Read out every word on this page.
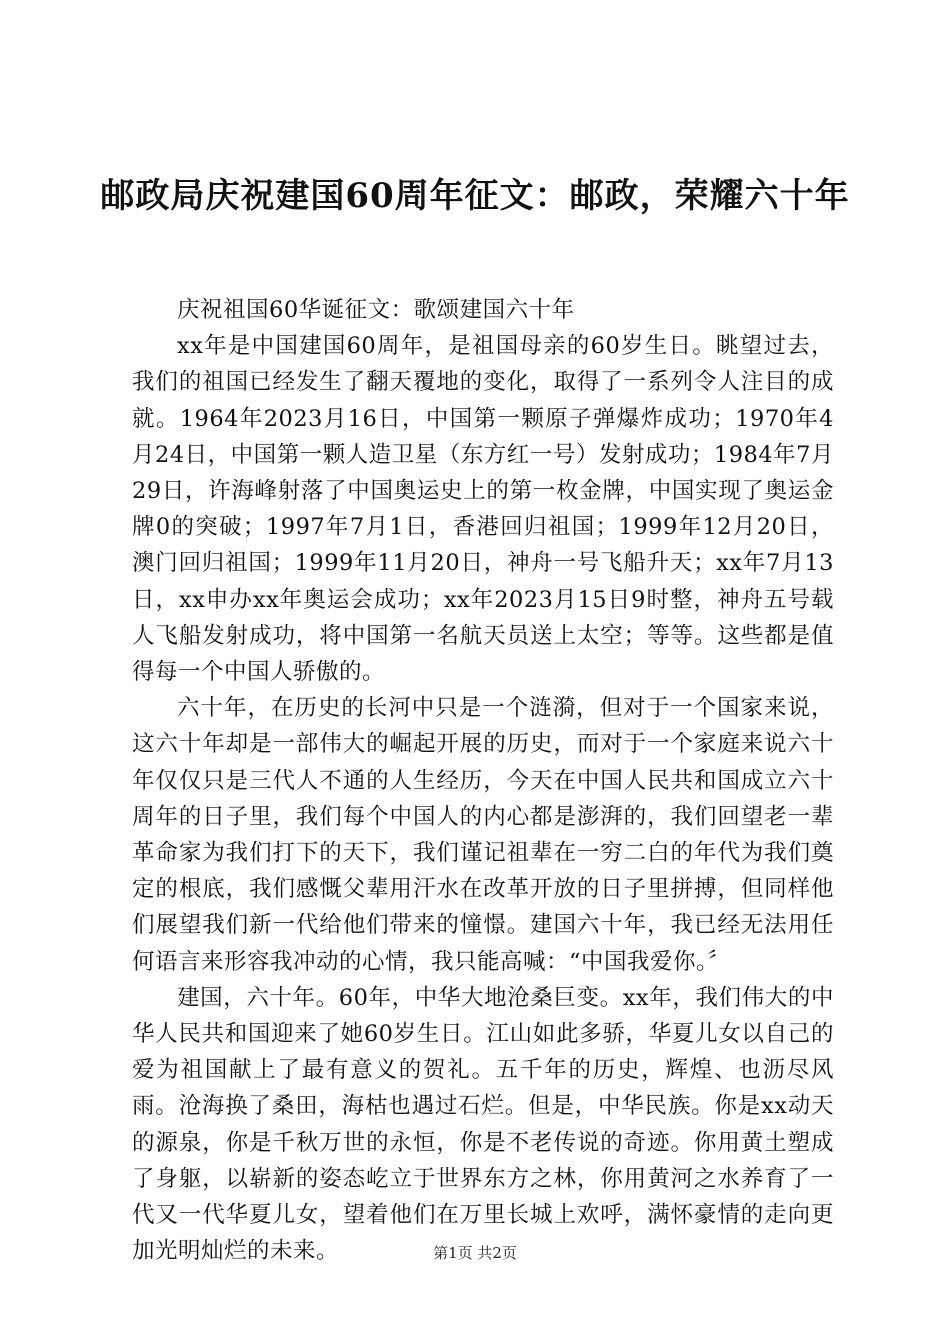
邮政局庆祝建国60周年征文：邮政，荣耀六十年

庆祝祖国60华诞征文：歌颂建国六十年

xx年是中国建国60周年，是祖国母亲的60岁生日。眺望过去，我们的祖国已经发生了翻天覆地的变化，取得了一系列令人注目的成就。1964年2023月16日，中国第一颗原子弹爆炸成功；1970年4月24日，中国第一颗人造卫星（东方红一号）发射成功；1984年7月29日，许海峰射落了中国奥运史上的第一枚金牌，中国实现了奥运金牌0的突破；1997年7月1日，香港回归祖国；1999年12月20日，澳门回归祖国；1999年11月20日，神舟一号飞船升天；xx年7月13日，xx申办xx年奥运会成功；xx年2023月15日9时整，神舟五号载人飞船发射成功，将中国第一名航天员送上太空；等等。这些都是值得每一个中国人骄傲的。

六十年，在历史的长河中只是一个涟漪，但对于一个国家来说，这六十年却是一部伟大的崛起开展的历史，而对于一个家庭来说六十年仅仅只是三代人不通的人生经历，今天在中国人民共和国成立六十周年的日子里，我们每个中国人的内心都是澎湃的，我们回望老一辈革命家为我们打下的天下，我们谨记祖辈在一穷二白的年代为我们奠定的根底，我们感慨父辈用汗水在改革开放的日子里拼搏，但同样他们展望我们新一代给他们带来的憧憬。建国六十年，我已经无法用任何语言来形容我冲动的心情，我只能高喊：“中国我爱你。〞

建国，六十年。60年，中华大地沧桑巨变。xx年，我们伟大的中华人民共和国迎来了她60岁生日。江山如此多骄，华夏儿女以自己的爱为祖国献上了最有意义的贺礼。五千年的历史，辉煌、也沥尽风雨。沧海换了桑田，海枯也遇过石烂。但是，中华民族。你是xx动天的源泉，你是千秋万世的永恒，你是不老传说的奇迹。你用黄土塑成了身躯，以崭新的姿态屹立于世界东方之林，你用黄河之水养育了一代又一代华夏儿女，望着他们在万里长城上欢呼，满怀豪情的走向更加光明灿烂的未来。	第1页 共2页
